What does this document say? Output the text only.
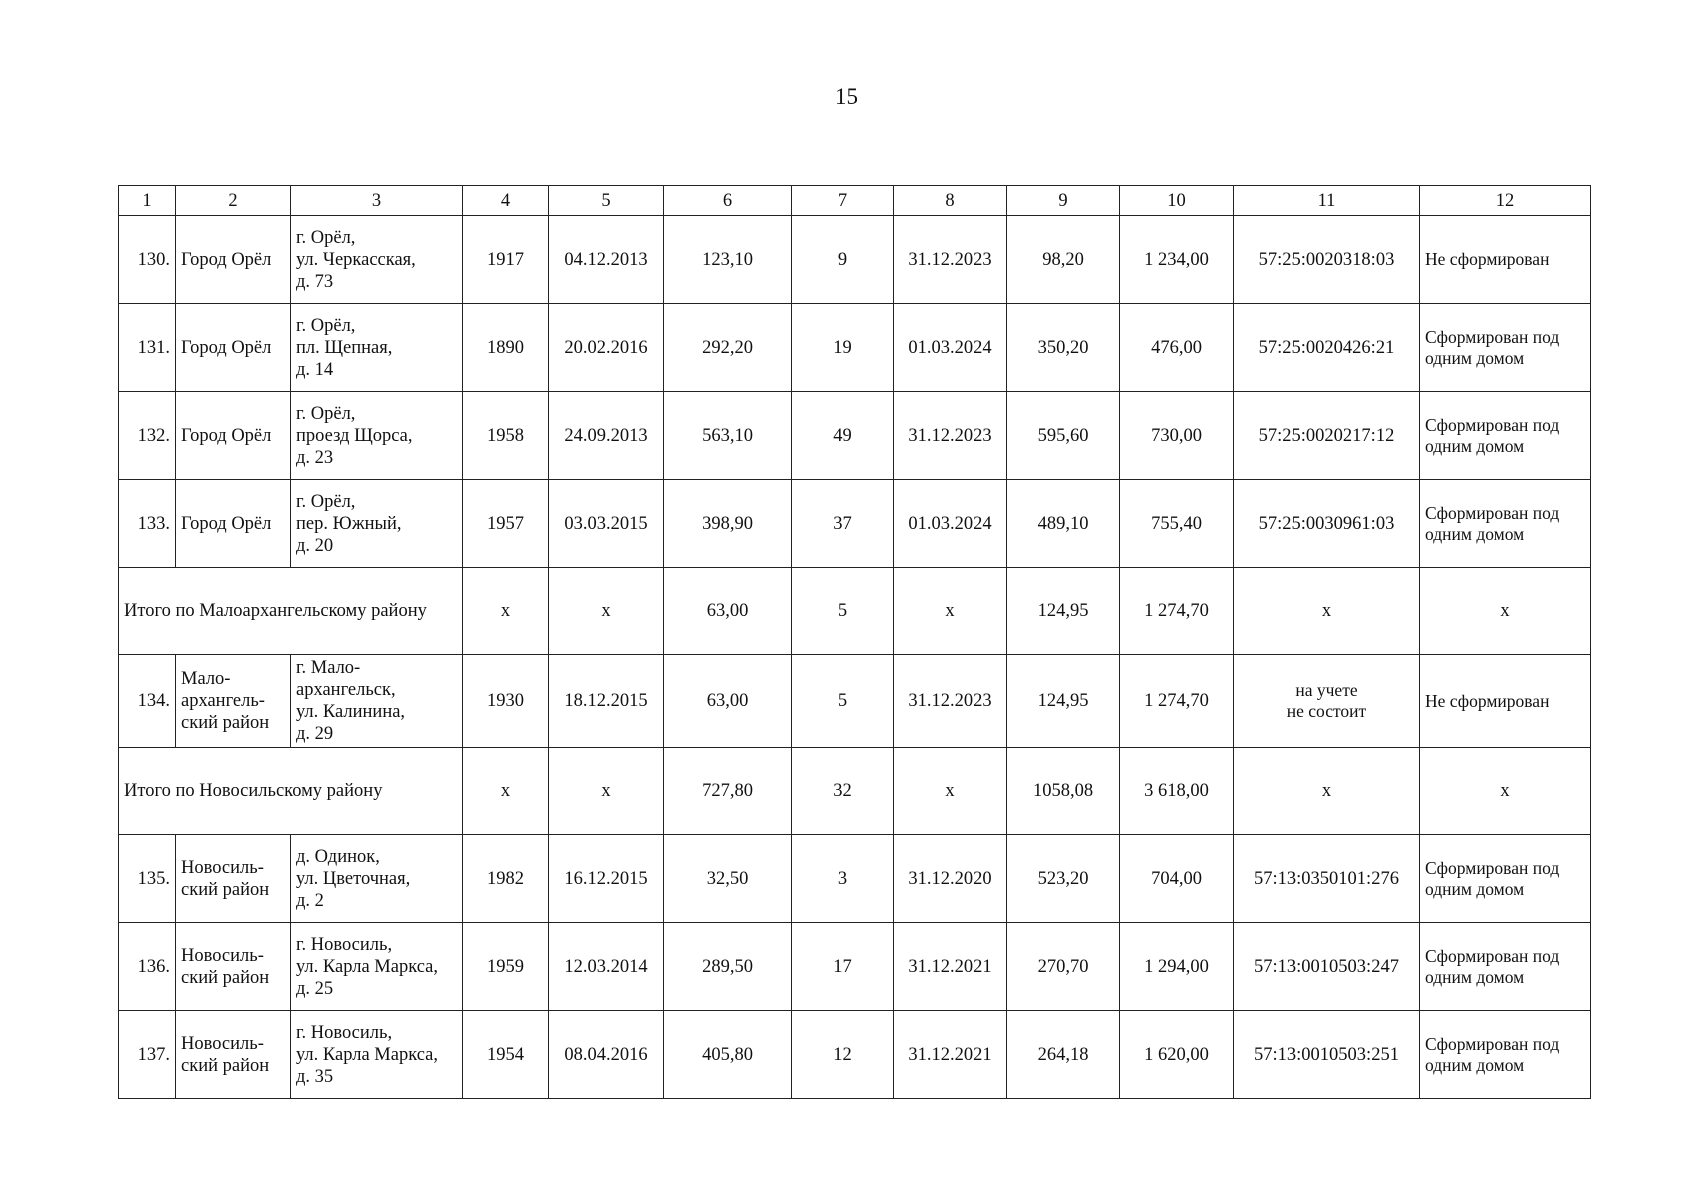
15
1	2	3	4	5	6	7	8	9	10	11	12
130.	Город Орёл	г. Орёл,
ул. Черкасская,
д. 73	1917	04.12.2013	123,10	9	31.12.2023	98,20	1 234,00	57:25:0020318:03	Не сформирован

131.	Город Орёл	г. Орёл,
пл. Щепная,
д. 14	1890	20.02.2016	292,20	19	01.03.2024	350,20	476,00	57:25:0020426:21	Сформирован под
одним домом

132.	Город Орёл	г. Орёл,
проезд Щорса,
д. 23	1958	24.09.2013	563,10	49	31.12.2023	595,60	730,00	57:25:0020217:12	Сформирован под
одним домом

133.	Город Орёл	г. Орёл,
пер. Южный,
д. 20	1957	03.03.2015	398,90	37	01.03.2024	489,10	755,40	57:25:0030961:03	Сформирован под
одним домом

Итого по Малоархангельскому району			x	x	63,00	5	x	124,95	1 274,70	x	x
134.	Мало-
архангель-
ский район	г. Мало-
архангельск,
ул. Калинина,
д. 29	1930	18.12.2015	63,00	5	31.12.2023	124,95	1 274,70	на учете
не состоит	Не сформирован

Итого по Новосильскому району			x	x	727,80	32	x	1058,08	3 618,00	x	x
135.	Новосиль-
ский район	д. Одинок,
ул. Цветочная,
д. 2	1982	16.12.2015	32,50	3	31.12.2020	523,20	704,00	57:13:0350101:276	Сформирован под
одним домом

136.	Новосиль-
ский район	г. Новосиль,
ул. Карла Маркса,
д. 25	1959	12.03.2014	289,50	17	31.12.2021	270,70	1 294,00	57:13:0010503:247	Сформирован под
одним домом

137.	Новосиль-
ский район	г. Новосиль,
ул. Карла Маркса,
д. 35	1954	08.04.2016	405,80	12	31.12.2021	264,18	1 620,00	57:13:0010503:251	Сформирован под
одним домом
